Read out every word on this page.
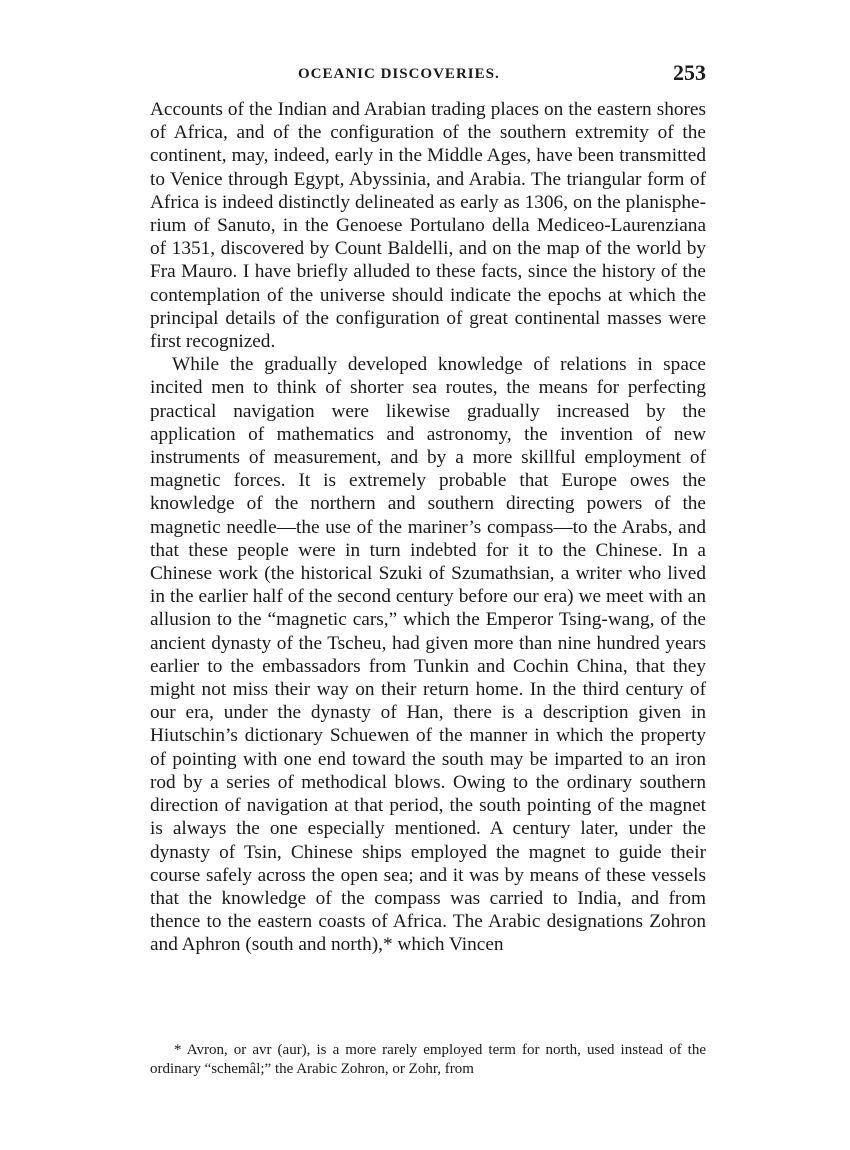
OCEANIC DISCOVERIES.	253

Accounts of the Indian and Arabian trading places on the eastern shores of Africa, and of the configuration of the southern extremity of the continent, may, indeed, early in the Middle Ages, have been transmitted to Venice through Egypt, Abyssinia, and Arabia. The triangular form of Africa is indeed distinctly delineated as early as 1306, on the planispherium of Sanuto, in the Genoese Portulano della Mediceo-Laurenziana of 1351, discovered by Count Baldelli, and on the map of the world by Fra Mauro. I have briefly alluded to these facts, since the history of the contemplation of the universe should indicate the epochs at which the principal details of the configuration of great continental masses were first recognized.

While the gradually developed knowledge of relations in space incited men to think of shorter sea routes, the means for perfecting practical navigation were likewise gradually increased by the application of mathematics and astronomy, the invention of new instruments of measurement, and by a more skillful employment of magnetic forces. It is extremely probable that Europe owes the knowledge of the northern and southern directing powers of the magnetic needle—the use of the mariner’s compass—to the Arabs, and that these people were in turn indebted for it to the Chinese. In a Chinese work (the historical Szuki of Szumathsian, a writer who lived in the earlier half of the second century before our era) we meet with an allusion to the “magnetic cars,” which the Emperor Tsing-wang, of the ancient dynasty of the Tscheu, had given more than nine hundred years earlier to the embassadors from Tunkin and Cochin China, that they might not miss their way on their return home. In the third century of our era, under the dynasty of Han, there is a description given in Hiutschin’s dictionary Schuewen of the manner in which the property of pointing with one end toward the south may be imparted to an iron rod by a series of methodical blows. Owing to the ordinary southern direction of navigation at that period, the south pointing of the magnet is always the one especially mentioned. A century later, under the dynasty of Tsin, Chinese ships employed the magnet to guide their course safely across the open sea; and it was by means of these vessels that the knowledge of the compass was carried to India, and from thence to the eastern coasts of Africa. The Arabic designations Zohron and Aphron (south and north),* which Vincen

* Avron, or avr (aur), is a more rarely employed term for north, used instead of the ordinary “schemâl;” the Arabic Zohron, or Zohr, from
